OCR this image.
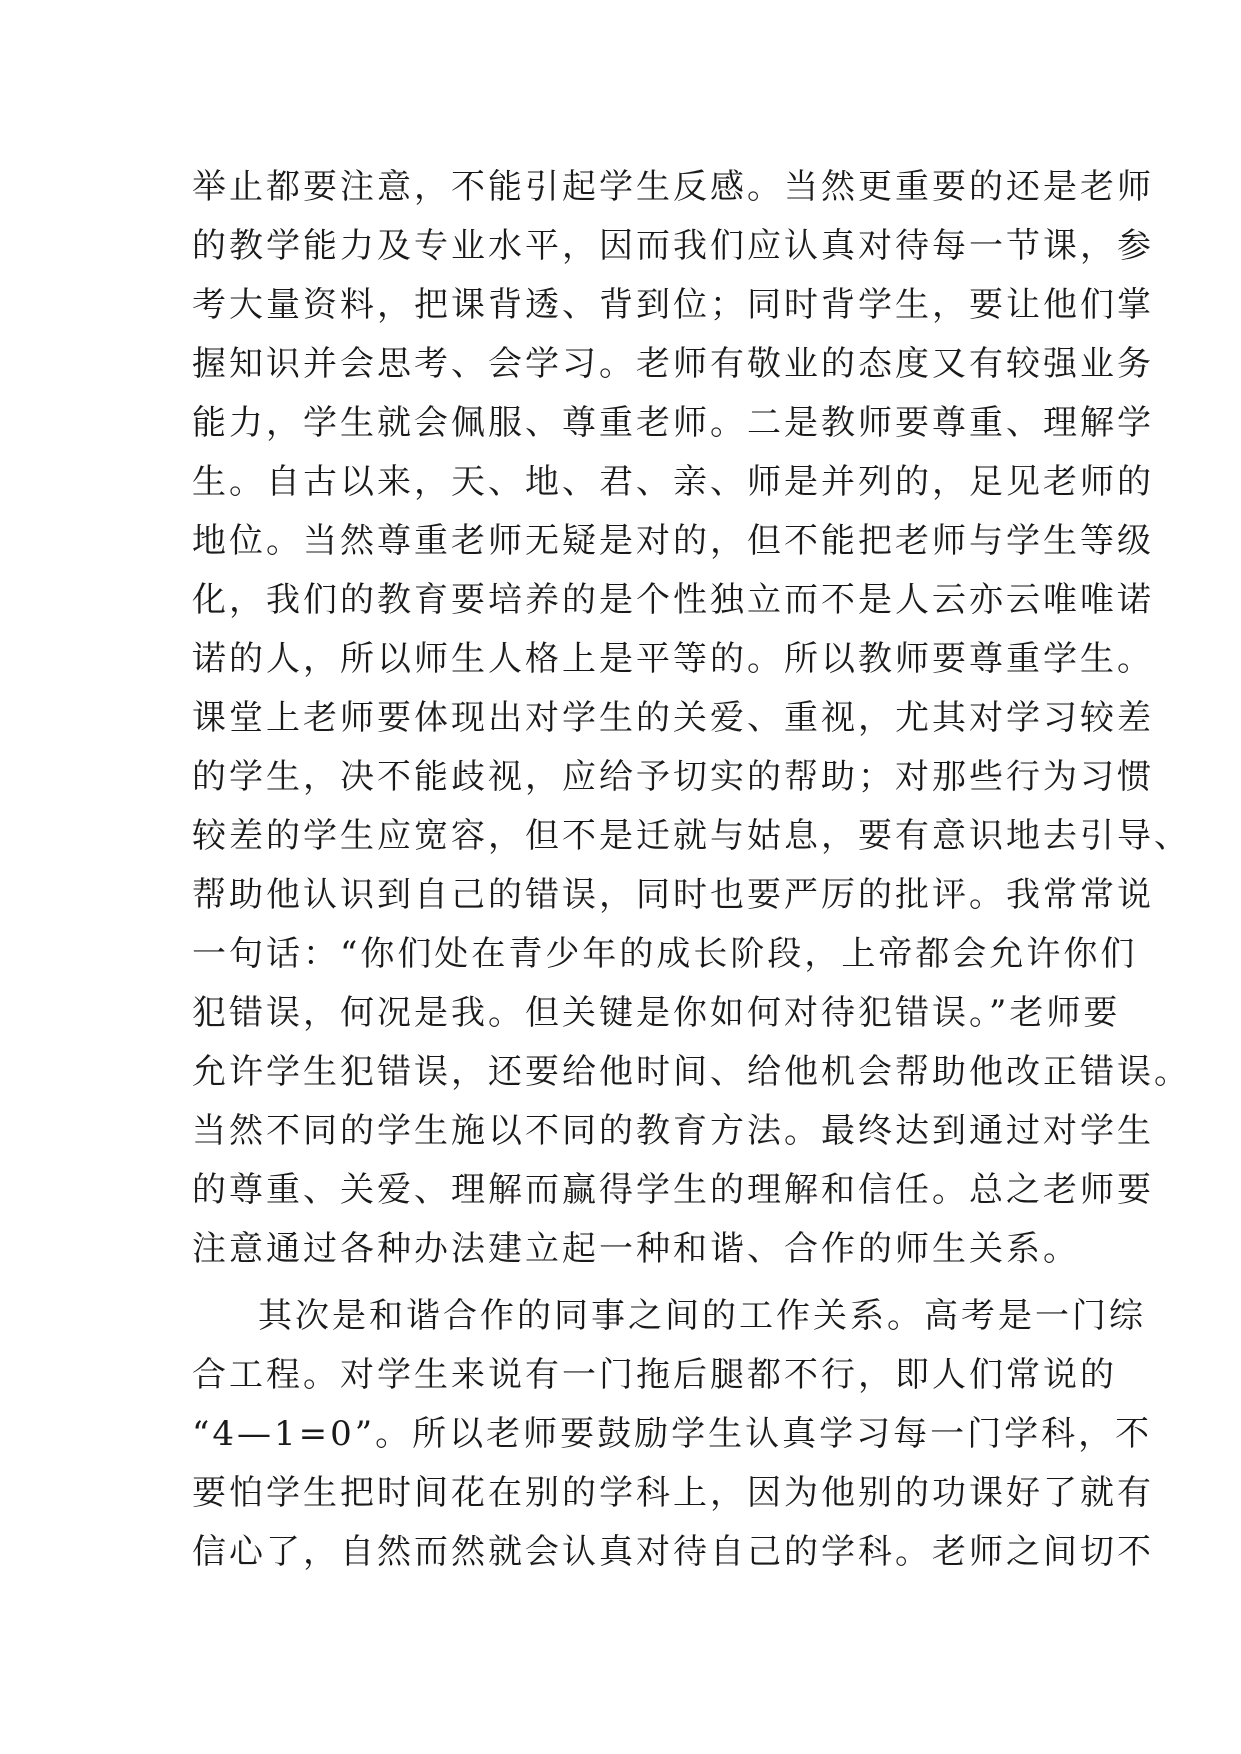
举止都要注意，不能引起学生反感。当然更重要的还是老师
的教学能力及专业水平，因而我们应认真对待每一节课，参
考大量资料，把课背透、背到位；同时背学生，要让他们掌
握知识并会思考、会学习。老师有敬业的态度又有较强业务
能力，学生就会佩服、尊重老师。二是教师要尊重、理解学
生。自古以来，天、地、君、亲、师是并列的，足见老师的
地位。当然尊重老师无疑是对的，但不能把老师与学生等级
化，我们的教育要培养的是个性独立而不是人云亦云唯唯诺
诺的人，所以师生人格上是平等的。所以教师要尊重学生。
课堂上老师要体现出对学生的关爱、重视，尤其对学习较差
的学生，决不能歧视，应给予切实的帮助；对那些行为习惯
较差的学生应宽容，但不是迁就与姑息，要有意识地去引导、
帮助他认识到自己的错误，同时也要严厉的批评。我常常说
一句话：“你们处在青少年的成长阶段，上帝都会允许你们
犯错误，何况是我。但关键是你如何对待犯错误。”老师要
允许学生犯错误，还要给他时间、给他机会帮助他改正错误。
当然不同的学生施以不同的教育方法。最终达到通过对学生
的尊重、关爱、理解而赢得学生的理解和信任。总之老师要
注意通过各种办法建立起一种和谐、合作的师生关系。
其次是和谐合作的同事之间的工作关系。高考是一门综
合工程。对学生来说有一门拖后腿都不行，即人们常说的
“4—1=0”。所以老师要鼓励学生认真学习每一门学科，不
要怕学生把时间花在别的学科上，因为他别的功课好了就有
信心了，自然而然就会认真对待自己的学科。老师之间切不
